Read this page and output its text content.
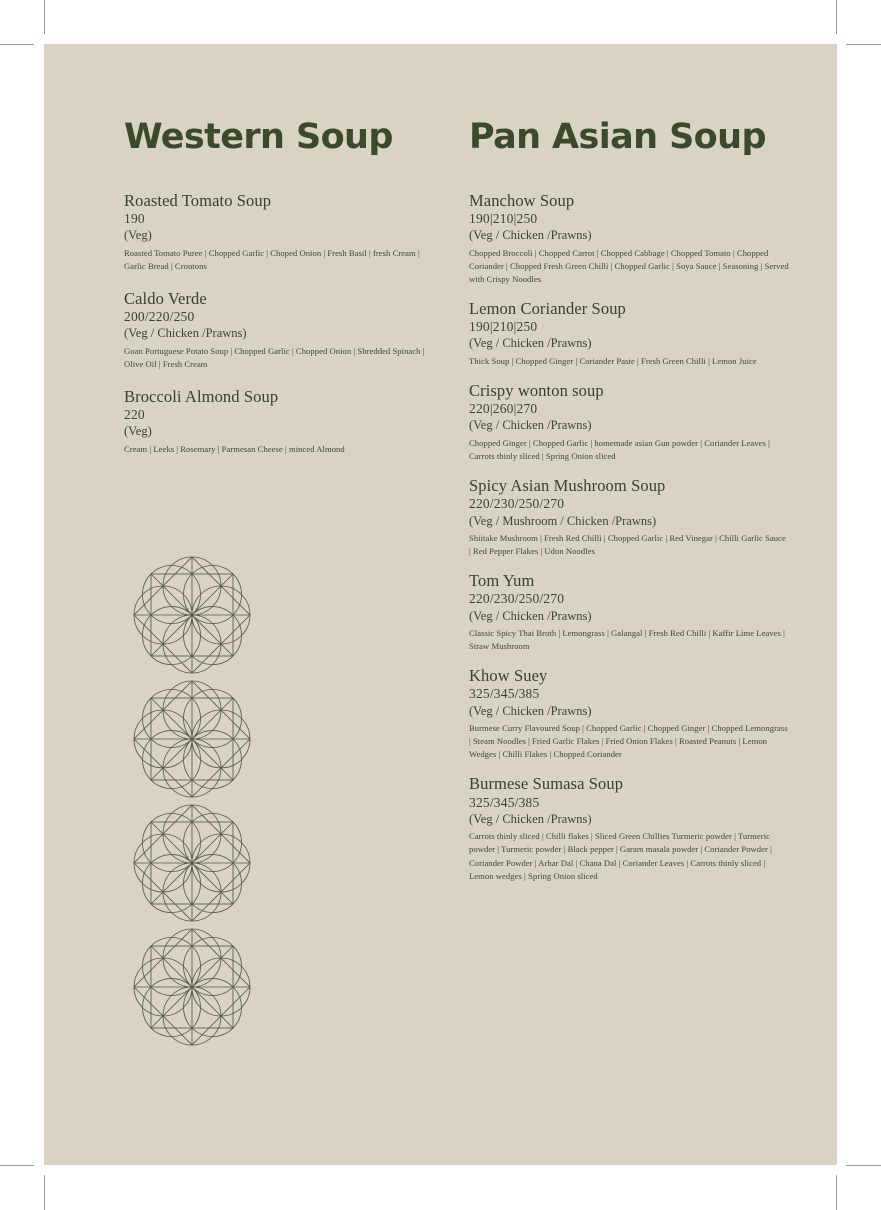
Western Soup
Roasted Tomato Soup
190
(Veg)
Roasted Tomato Puree | Chopped Garlic | Choped Onion | Fresh Basil | fresh Cream | Garlic Bread | Croutons
Caldo Verde
200/220/250
(Veg / Chicken /Prawns)
Goan Portuguese Potato Soup | Chopped Garlic | Chopped Onion | Shredded Spinach | Olive Oil | Fresh Cream
Broccoli Almond Soup
220
(Veg)
Cream | Leeks | Rosemary | Parmesan Cheese | minced Almond
Pan Asian Soup
Manchow Soup
190|210|250
(Veg / Chicken /Prawns)
Chopped Broccoli | Chopped Carrot | Chopped Cabbage | Chopped Tomato | Chopped Coriander | Chopped Fresh Green Chilli | Chopped Garlic | Soya Sauce | Seasoning | Served with Crispy Noodles
Lemon Coriander Soup
190|210|250
(Veg / Chicken /Prawns)
Thick Soup | Chopped Ginger | Coriander Paste | Fresh Green Chilli | Lemon Juice
Crispy wonton soup
220|260|270
(Veg / Chicken /Prawns)
Chopped Ginger | Chopped Garlic | homemade asian Gun powder | Coriander Leaves | Carrots thinly sliced | Spring Onion sliced
Spicy Asian Mushroom Soup
220/230/250/270
(Veg / Mushroom / Chicken /Prawns)
Shiitake Mushroom | Fresh Red Chilli | Chopped Garlic | Red Vinegar | Chilli Garlic Sauce | Red Pepper Flakes | Udon Noodles
Tom Yum
220/230/250/270
(Veg / Chicken /Prawns)
Classic Spicy Thai Broth | Lemongrass | Galangal | Fresh Red Chilli | Kaffir Lime Leaves | Straw Mushroom
Khow Suey
325/345/385
(Veg / Chicken /Prawns)
Burmese Curry Flavoured Soup | Chopped Garlic | Chopped Ginger | Chopped Lemongrass | Steam Noodles | Fried Garlic Flakes | Fried Onion Flakes | Roasted Peanuts | Lemon Wedges | Chilli Flakes | Chopped Coriander
Burmese Sumasa Soup
325/345/385
(Veg / Chicken /Prawns)
Carrots thinly sliced | Chilli flakes | Sliced Green Chillies Turmeric powder | Turmeric powder | Turmeric powder | Black pepper | Garam masala powder | Coriander Powder | Coriander Powder | Arhar Dal | Chana Dal | Coriander Leaves | Carrots thinly sliced | Lemon wedges | Spring Onion sliced
